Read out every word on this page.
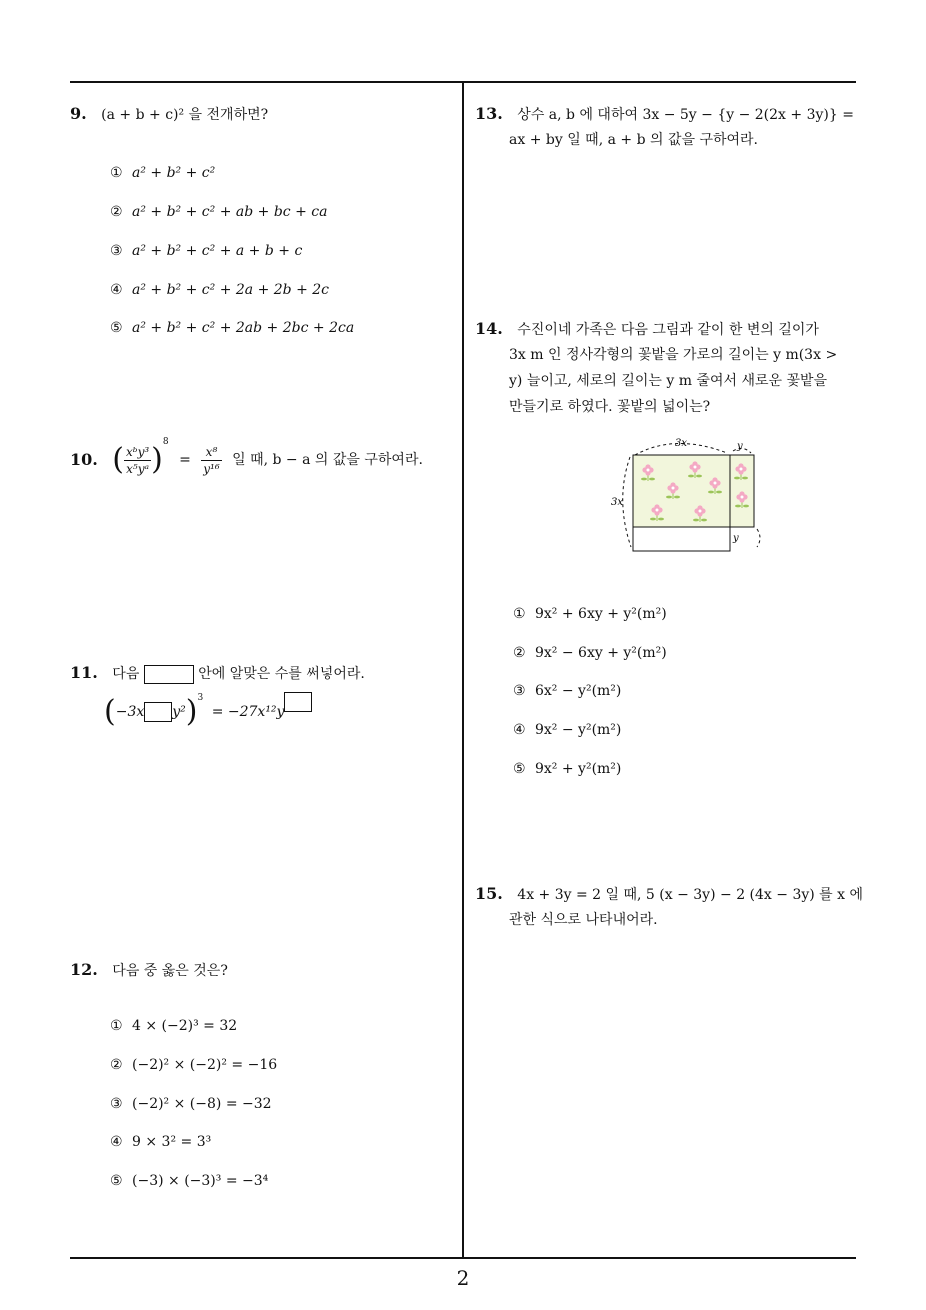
9. (a + b + c)² 을 전개하면?
① a² + b² + c²
② a² + b² + c² + ab + bc + ca
③ a² + b² + c² + a + b + c
④ a² + b² + c² + 2a + 2b + 2c
⑤ a² + b² + c² + 2ab + 2bc + 2ca
10. ( $\frac{\text{xᵇy³}}{\text{x⁵yᵃ}} )^8 = \frac{\text{x⁸}}{\text{y¹⁶}}$ 일 때, b − a 의 값을 구하여라.
11. 다음	안에 알맞은 수를 써넣어라.
(−3x y²)$^3$ = −27x¹²y
12. 다음 중 옳은 것은?
① 4 × (−2)³ = 32
② (−2)² × (−2)² = −16
③ (−2)² × (−8) = −32
④ 9 × 3² = 3³
⑤ (−3) × (−3)³ = −3⁴
13. 상수 a, b 에 대하여 3x − 5y − {y − 2(2x + 3y)} =
ax + by 일 때, a + b 의 값을 구하여라.
14. 수진이네 가족은 다음 그림과 같이 한 변의 길이가
3x m 인 정사각형의 꽃밭을 가로의 길이는 y m(3x >
y) 늘이고, 세로의 길이는 y m 줄여서 새로운 꽃밭을
만들기로 하였다. 꽃밭의 넓이는?
3x	y
3x
y
① 9x² + 6xy + y²(m²)
② 9x² − 6xy + y²(m²)
③ 6x² − y²(m²)
④ 9x² − y²(m²)
⑤ 9x² + y²(m²)
15. 4x + 3y = 2 일 때, 5 (x − 3y) − 2 (4x − 3y) 를 x 에
관한 식으로 나타내어라.
2
